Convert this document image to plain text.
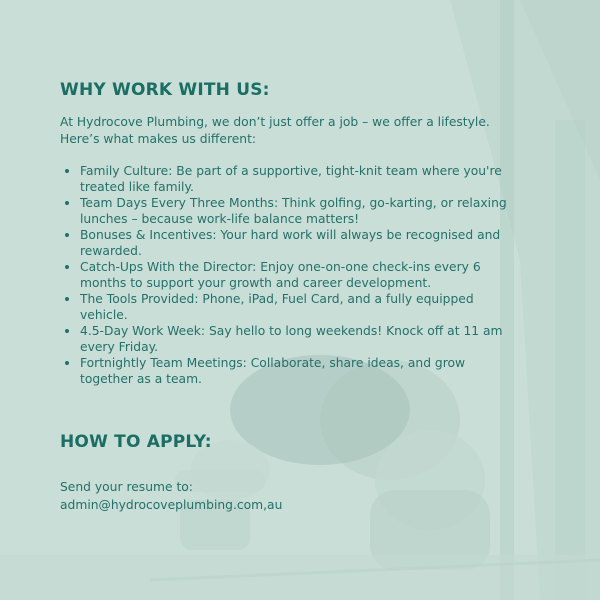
WHY WORK WITH US:

At Hydrocove Plumbing, we don’t just offer a job – we offer a lifestyle.
Here’s what makes us different:

Family Culture: Be part of a supportive, tight-knit team where you're
treated like family.
Team Days Every Three Months: Think golfing, go-karting, or relaxing
lunches – because work-life balance matters!
Bonuses & Incentives: Your hard work will always be recognised and
rewarded.
Catch-Ups With the Director: Enjoy one-on-one check-ins every 6
months to support your growth and career development.
The Tools Provided: Phone, iPad, Fuel Card, and a fully equipped
vehicle.
4.5-Day Work Week: Say hello to long weekends! Knock off at 11 am
every Friday.
Fortnightly Team Meetings: Collaborate, share ideas, and grow
together as a team.
HOW TO APPLY:

Send your resume to:
admin@hydrocoveplumbing.com,au
